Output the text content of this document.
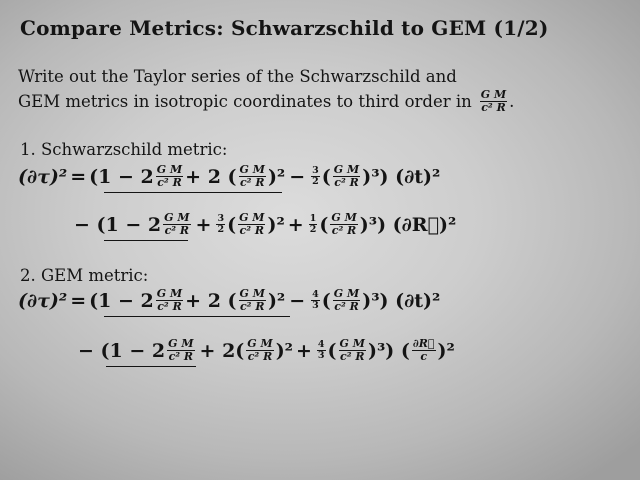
Compare Metrics: Schwarzschild to GEM (1/2)
Write out the Taylor series of the Schwarzschild and
GEM metrics in isotropic coordinates to third order in $\frac{\text{G M}}{\text{c² R}}$ .
1. Schwarzschild metric:
$(\partial\tau)^2 = (1 - 2 \frac{\text{G M}}{\text{c² R}} + 2$ ( $\frac{\text{G M}}{\text{c² R}} )^2 - \frac{3}{2}$ ( $\frac{\text{G M}}{\text{c² R}} )^3$ ) (∂t)²
− ($1 - 2 \frac{\text{G M}}{\text{c² R}} + \frac{3}{2}$ ( $\frac{\text{G M}}{\text{c² R}} )^2 + \frac{1}{2}$ ( $\frac{\text{G M}}{\text{c² R}} )^3$ ) (∂R⃗)²
2. GEM metric:
$(\partial\tau)^2 = (1 - 2 \frac{\text{G M}}{\text{c² R}} + 2$ ( $\frac{\text{G M}}{\text{c² R}} )^2 - \frac{4}{3}$ ( $\frac{\text{G M}}{\text{c² R}} )^3$ ) (∂t)²
− ($1 - 2 \frac{\text{G M}}{\text{c² R}} + 2( \frac{\text{G M}}{\text{c² R}} )^2 + \frac{4}{3}$ ( $\frac{\text{G M}}{\text{c² R}} )^3$ ) ( $\frac{\partial R⃗}{c} )^2$
